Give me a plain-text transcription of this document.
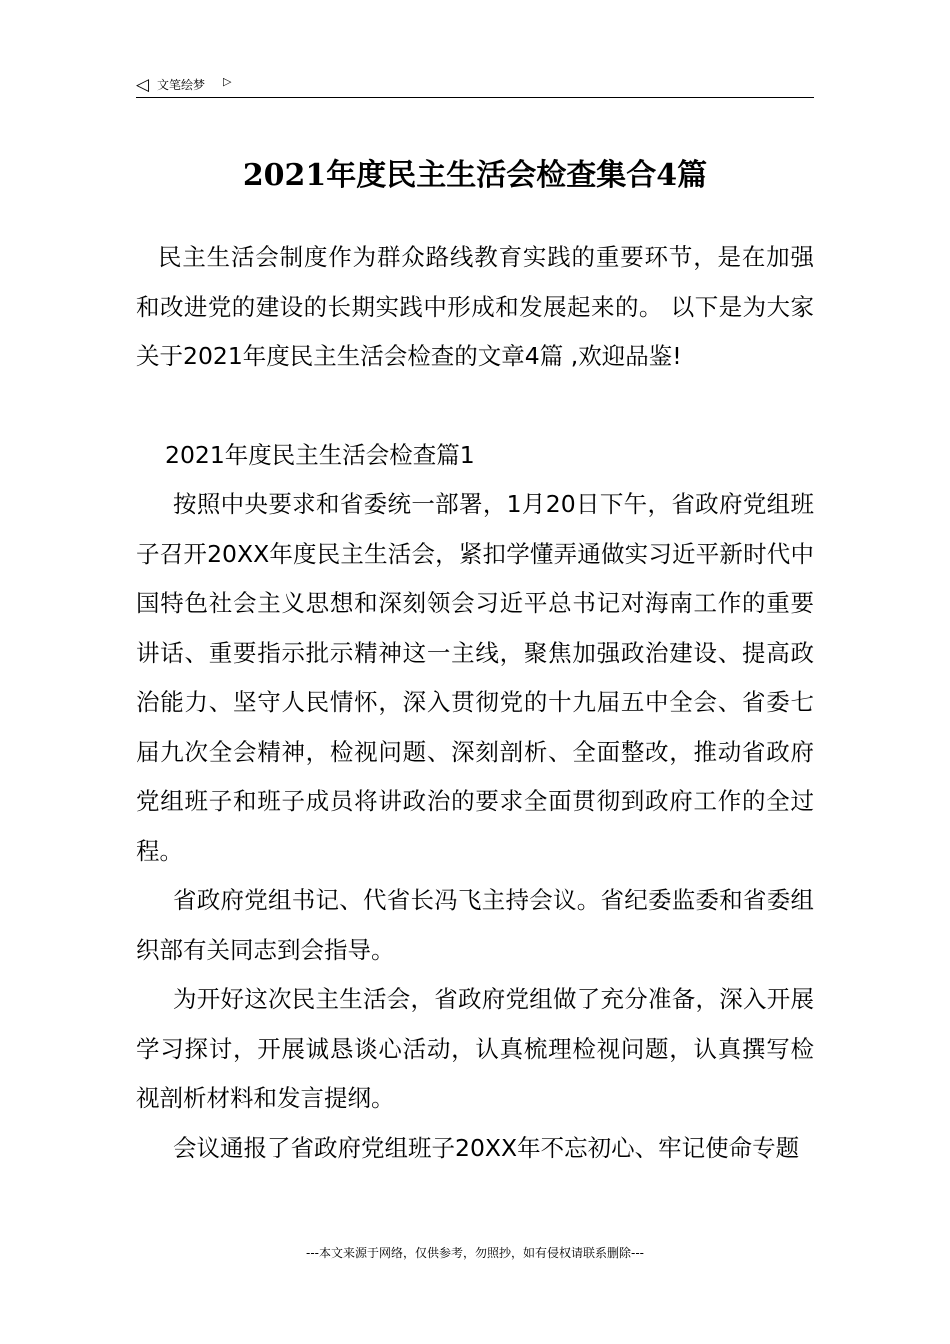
◁ 文笔绘梦 ▷
2021年度民主生活会检查集合4篇

民主生活会制度作为群众路线教育实践的重要环节，是在加强和改进党的建设的长期实践中形成和发展起来的。 以下是为大家关于2021年度民主生活会检查的文章4篇 ,欢迎品鉴!

2021年度民主生活会检查篇1

按照中央要求和省委统一部署，1月20日下午，省政府党组班子召开20XX年度民主生活会，紧扣学懂弄通做实习近平新时代中国特色社会主义思想和深刻领会习近平总书记对海南工作的重要讲话、重要指示批示精神这一主线，聚焦加强政治建设、提高政治能力、坚守人民情怀，深入贯彻党的十九届五中全会、省委七届九次全会精神，检视问题、深刻剖析、全面整改，推动省政府党组班子和班子成员将讲政治的要求全面贯彻到政府工作的全过程。

省政府党组书记、代省长冯飞主持会议。省纪委监委和省委组织部有关同志到会指导。

为开好这次民主生活会，省政府党组做了充分准备，深入开展学习探讨，开展诚恳谈心活动，认真梳理检视问题，认真撰写检视剖析材料和发言提纲。

会议通报了省政府党组班子20XX年不忘初心、牢记使命专题

---本文来源于网络，仅供参考，勿照抄，如有侵权请联系删除---
